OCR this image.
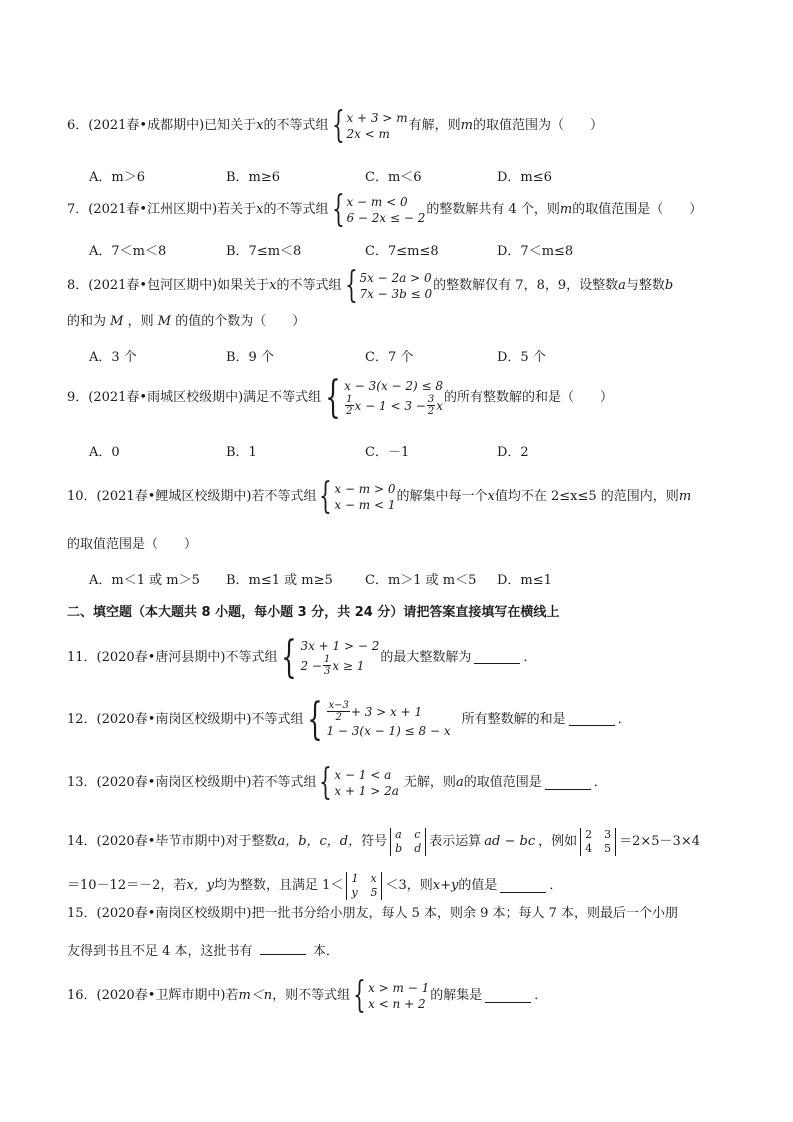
6．(2021春•成都期中)已知关于 x 的不等式组 { x + 3 > m
2x < m
有解，则 m 的取值范围为（　　）
A．m＞6	B．m≥6	C．m＜6	D．m≤6
7．(2021春•江州区期中)若关于 x 的不等式组 { x − m < 0
6 − 2x ≤ − 2
的整数解共有 4 个，则 m 的取值范围是（　　）
A．7＜m＜8	B．7≤m＜8	C．7≤m≤8	D．7＜m≤8
8．(2021春•包河区期中)如果关于 x 的不等式组 { 5x − 2a > 0
7x − 3b ≤ 0
的整数解仅有 7，8，9，设整数 a 与整数 b
的和为 M ，则 M 的值的个数为（　　）
A．3 个	B．9 个	C．7 个	D．5 个
9．(2021春•雨城区校级期中)满足不等式组 { x − 3(x − 2) ≤ 8
$\frac{1}{2}$ $x - 1 < 3 - \frac{3}{2}$ x
的所有整数解的和是（　　）
A．0	B．1	C．－1	D．2
10．(2021春•鲤城区校级期中)若不等式组 { x − m > 0
x − m < 1
的解集中每一个 x 值均不在 2≤x≤5 的范围内，则 m
的取值范围是（　　）
A．m＜1 或 m＞5 B．m≤1 或 m≥5 C．m＞1 或 m＜5 D．m≤1
二、填空题（本大题共 8 小题，每小题 3 分，共 24 分）请把答案直接填写在横线上
11．(2020春•唐河县期中)不等式组 { 3x + 1 > − 2
$2 - \frac{1}{3}$ x ≥ 1
的最大整数解为	．
12．(2020春•南岗区校级期中)不等式组 { $\frac{x-3}{2} + 3 > x + 1$
1 − 3(x − 1) ≤ 8 − x
所有整数解的和是	．
13．(2020春•南岗区校级期中)若不等式组 { x − 1 < a
x + 1 > 2a
无解，则 a 的取值范围是	．
14．(2020春•毕节市期中)对于整数 a，b，c，d， 符号 a
b
c
d 表示运算 ad − bc ，例如 2
4
3
5 ＝2×5－3×4
＝10－12＝－2，若 x，y 均为整数，且满足 1＜ 1
y
x
5 ＜3，则 x+y 的值是	．
15．(2020春•南岗区校级期中)把一批书分给小朋友，每人 5 本，则余 9 本；每人 7 本，则最后一个小朋
友得到书且不足 4 本，这批书有	本．
16．(2020春•卫辉市期中)若 m＜n ，则不等式组 { x > m − 1
x < n + 2
的解集是	．
